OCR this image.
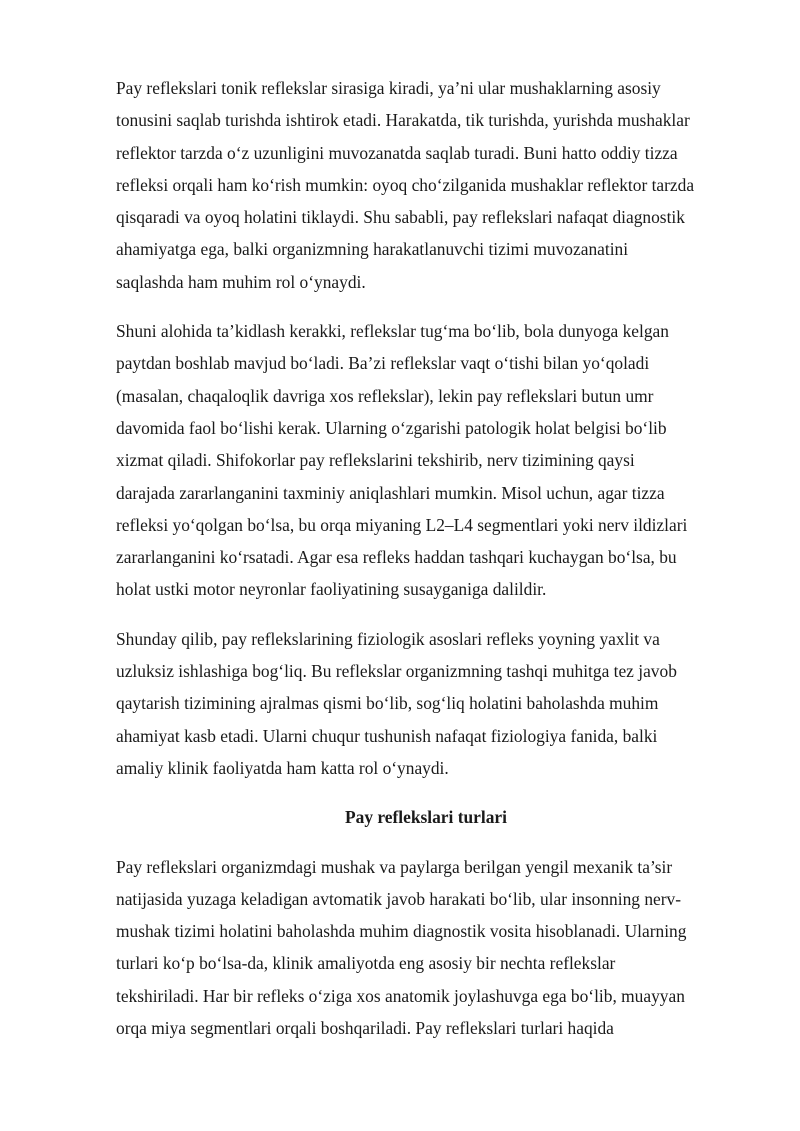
Pay reflekslari tonik reflekslar sirasiga kiradi, ya’ni ular mushaklarning asosiy
tonusini saqlab turishda ishtirok etadi. Harakatda, tik turishda, yurishda mushaklar
reflektor tarzda o‘z uzunligini muvozanatda saqlab turadi. Buni hatto oddiy tizza
refleksi orqali ham ko‘rish mumkin: oyoq cho‘zilganida mushaklar reflektor tarzda
qisqaradi va oyoq holatini tiklaydi. Shu sababli, pay reflekslari nafaqat diagnostik
ahamiyatga ega, balki organizmning harakatlanuvchi tizimi muvozanatini
saqlashda ham muhim rol o‘ynaydi.

Shuni alohida ta’kidlash kerakki, reflekslar tug‘ma bo‘lib, bola dunyoga kelgan
paytdan boshlab mavjud bo‘ladi. Ba’zi reflekslar vaqt o‘tishi bilan yo‘qoladi
(masalan, chaqaloqlik davriga xos reflekslar), lekin pay reflekslari butun umr
davomida faol bo‘lishi kerak. Ularning o‘zgarishi patologik holat belgisi bo‘lib
xizmat qiladi. Shifokorlar pay reflekslarini tekshirib, nerv tizimining qaysi
darajada zararlanganini taxminiy aniqlashlari mumkin. Misol uchun, agar tizza
refleksi yo‘qolgan bo‘lsa, bu orqa miyaning L2–L4 segmentlari yoki nerv ildizlari
zararlanganini ko‘rsatadi. Agar esa refleks haddan tashqari kuchaygan bo‘lsa, bu
holat ustki motor neyronlar faoliyatining susayganiga dalildir.

Shunday qilib, pay reflekslarining fiziologik asoslari refleks yoyning yaxlit va
uzluksiz ishlashiga bog‘liq. Bu reflekslar organizmning tashqi muhitga tez javob
qaytarish tizimining ajralmas qismi bo‘lib, sog‘liq holatini baholashda muhim
ahamiyat kasb etadi. Ularni chuqur tushunish nafaqat fiziologiya fanida, balki
amaliy klinik faoliyatda ham katta rol o‘ynaydi.

Pay reflekslari turlari

Pay reflekslari organizmdagi mushak va paylarga berilgan yengil mexanik ta’sir
natijasida yuzaga keladigan avtomatik javob harakati bo‘lib, ular insonning nerv-
mushak tizimi holatini baholashda muhim diagnostik vosita hisoblanadi. Ularning
turlari ko‘p bo‘lsa-da, klinik amaliyotda eng asosiy bir nechta reflekslar
tekshiriladi. Har bir refleks o‘ziga xos anatomik joylashuvga ega bo‘lib, muayyan
orqa miya segmentlari orqali boshqariladi. Pay reflekslari turlari haqida
